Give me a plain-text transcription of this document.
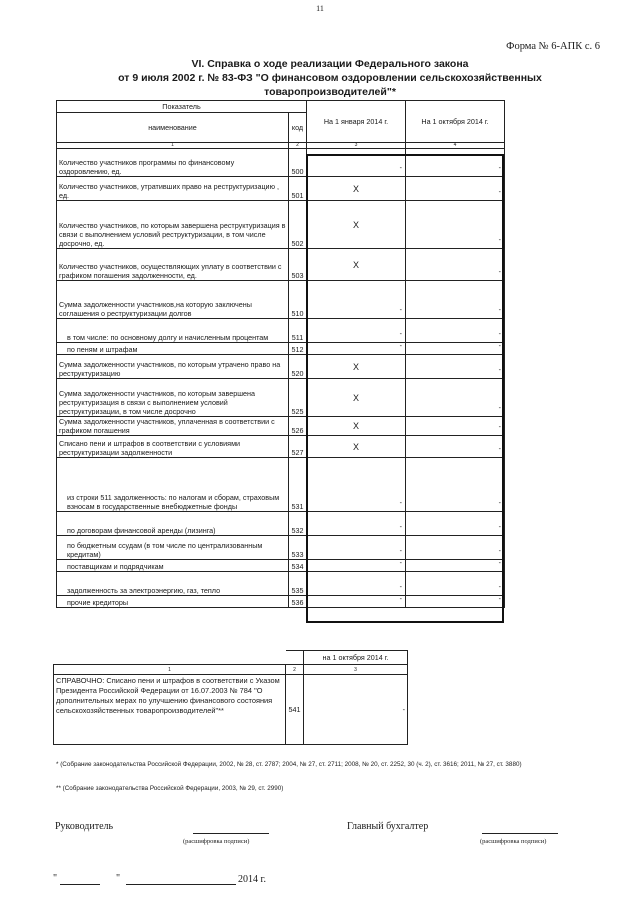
11
Форма № 6-АПК с. 6
VI. Справка о ходе реализации Федерального закона
от 9 июля 2002 г. № 83-ФЗ "О финансовом оздоровлении сельскохозяйственных
товаропроизводителей"*
Показатель		На 1 января 2014 г.	На 1 октября 2014 г.
наименование	код		
1	2	3	4
Количество участников программы по финансовому оздоровлению, ед.	500	-	-

Количество участников, утративших право на реструктуризацию , ед.	501	X	-

Количество участников, по которым завершена реструктуризация в связи с выполнением условий реструктуризации, в том числе досрочно, ед.	502	X	-

Количество участников, осуществляющих уплату в соответствии с графиком погашения задолженности, ед.	503	X	-

Сумма задолженности участников,на которую заключены соглашения о реструктуризации долгов	510	-	-

в том числе: по основному долгу и начисленным процентам	511	-	-

по пеням и штрафам	512	-	-

Сумма задолженности участников, по которым утрачено право на реструктуризацию	520	X	-

Сумма задолженности участников, по которым завершена реструктуризация в связи с выполнением условий реструктуризации, в том числе досрочно	525	X	-

Сумма задолженности участников, уплаченная в соответствии с графиком погашения	526	X	-

Списано пени и штрафов в соответствии с условиями реструктуризации задолженности	527	X	-

из строки 511 задолженность: по налогам и сборам, страховым взносам в государственные внебюджетные фонды	531	-	-

по договорам финансовой аренды (лизинга)	532	-	-

по бюджетным ссудам (в том числе по централизованным кредитам)	533	-	-

поставщикам и подрядчикам	534	-	-

задолженность за электроэнергию, газ, тепло	535	-	-

прочие кредиторы	536	-	-
		на 1 октября 2014 г.
1	2	3
СПРАВОЧНО: Списано пени и штрафов в соответствии с Указом Президента Российской Федерации от 16.07.2003 № 784 "О дополнительных мерах по улучшению финансового состояния сельскохозяйственных товаропроизводителей"**	541	-
* (Собрание законодательства Российской Федерации, 2002, № 28, ст. 2787; 2004, № 27, ст. 2711; 2008, № 20, ст. 2252, 30 (ч. 2), ст. 3616; 2011, № 27, ст. 3880)
** (Собрание законодательства Российской Федерации, 2003, № 29, ст. 2990)
Руководитель
(расшифровка подписи)
Главный бухгалтер
(расшифровка подписи)
"	"	2014 г.
